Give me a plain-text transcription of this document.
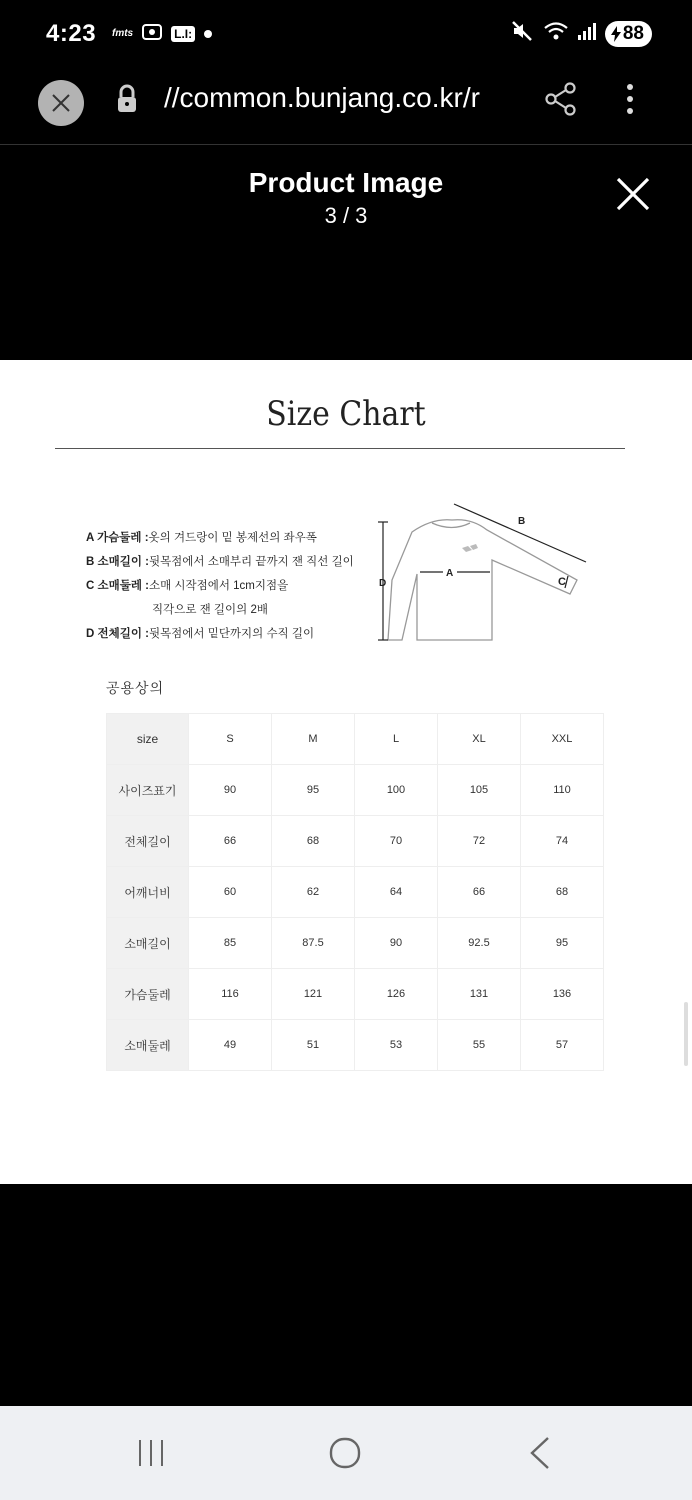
4:23 fmts	L.I:	88
//common.bunjang.co.kr/r
Product Image
3 / 3
Size Chart
A 가슴둘레 :옷의 겨드랑이 밑 봉제선의 좌우폭
B 소매길이 :뒷목점에서 소매부리 끝까지 잰 직선 길이
C 소매둘레 :소매 시작점에서 1cm지점을
직각으로 잰 길이의 2배
D 전체길이 :뒷목점에서 밑단까지의 수직 길이
D
A
B
C
공용상의
size	S	M	L	XL	XXL
사이즈표기	90	95	100	105	110
전체길이	66	68	70	72	74
어깨너비	60	62	64	66	68
소매길이	85	87.5	90	92.5	95
가슴둘레	116	121	126	131	136
소매둘레	49	51	53	55	57
